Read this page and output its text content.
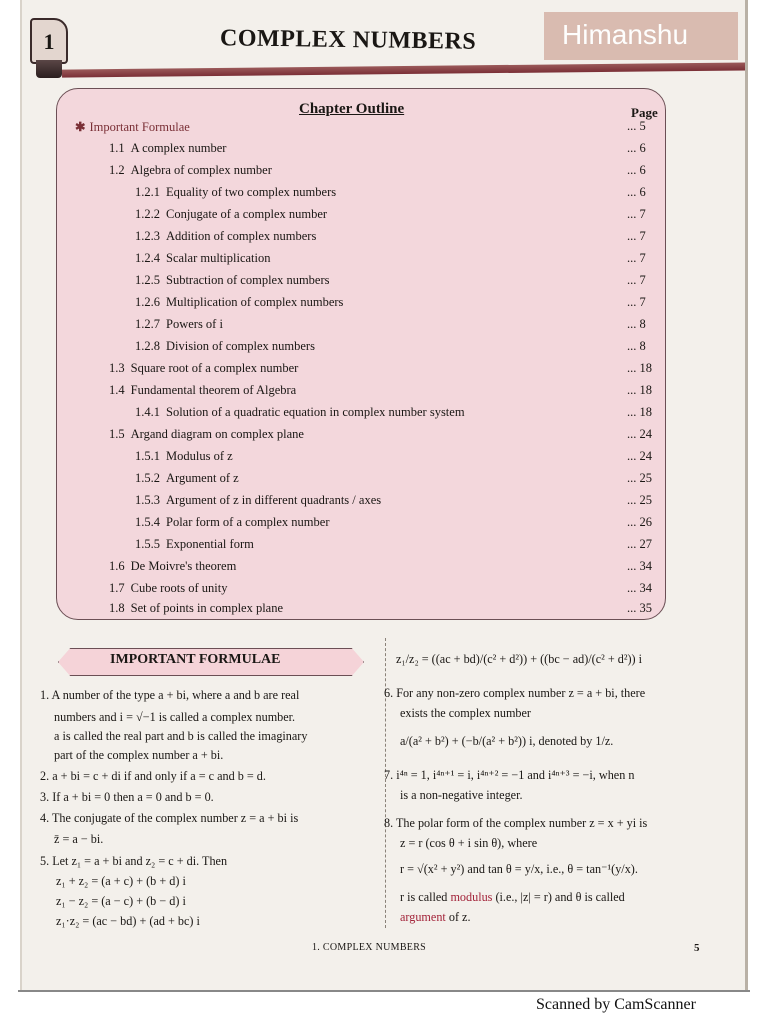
1	COMPLEX NUMBERS	Himanshu
Chapter Outline	Page
✱ Important Formulae	... 5
1.1 A complex number	... 6
1.2 Algebra of complex number	... 6
1.2.1 Equality of two complex numbers	... 6
1.2.2 Conjugate of a complex number	... 7
1.2.3 Addition of complex numbers	... 7
1.2.4 Scalar multiplication	... 7
1.2.5 Subtraction of complex numbers	... 7
1.2.6 Multiplication of complex numbers	... 7
1.2.7 Powers of i	... 8
1.2.8 Division of complex numbers	... 8
1.3 Square root of a complex number	... 18
1.4 Fundamental theorem of Algebra	... 18
1.4.1 Solution of a quadratic equation in complex number system	... 18
1.5 Argand diagram on complex plane	... 24
1.5.1 Modulus of z	... 24
1.5.2 Argument of z	... 25
1.5.3 Argument of z in different quadrants / axes	... 25
1.5.4 Polar form of a complex number	... 26
1.5.5 Exponential form	... 27
1.6 De Moivre's theorem	... 34
1.7 Cube roots of unity	... 34
1.8 Set of points in complex plane	... 35
IMPORTANT FORMULAE
1. A number of the type a + bi, where a and b are real
numbers and i = √−1 is called a complex number.
a is called the real part and b is called the imaginary
part of the complex number a + bi.
2. a + bi = c + di if and only if a = c and b = d.
3. If a + bi = 0 then a = 0 and b = 0.
4. The conjugate of the complex number z = a + bi is
z̄ = a − bi.
5. Let z₁ = a + bi and z₂ = c + di. Then
z₁ + z₂ = (a + c) + (b + d) i
z₁ − z₂ = (a − c) + (b − d) i
z₁·z₂ = (ac − bd) + (ad + bc) i
z₁/z₂ = ((ac + bd)/(c² + d²)) + ((bc − ad)/(c² + d²)) i
6. For any non-zero complex number z = a + bi, there
exists the complex number
a/(a² + b²) + (−b/(a² + b²)) i, denoted by 1/z.
7. i⁴ⁿ = 1, i⁴ⁿ⁺¹ = i, i⁴ⁿ⁺² = −1 and i⁴ⁿ⁺³ = −i, when n
is a non-negative integer.
8. The polar form of the complex number z = x + yi is
z = r (cos θ + i sin θ), where
r = √(x² + y²) and tan θ = y/x, i.e., θ = tan⁻¹(y/x).
r is called modulus (i.e., |z| = r) and θ is called
argument of z.
1. COMPLEX NUMBERS	5
Scanned by CamScanner
